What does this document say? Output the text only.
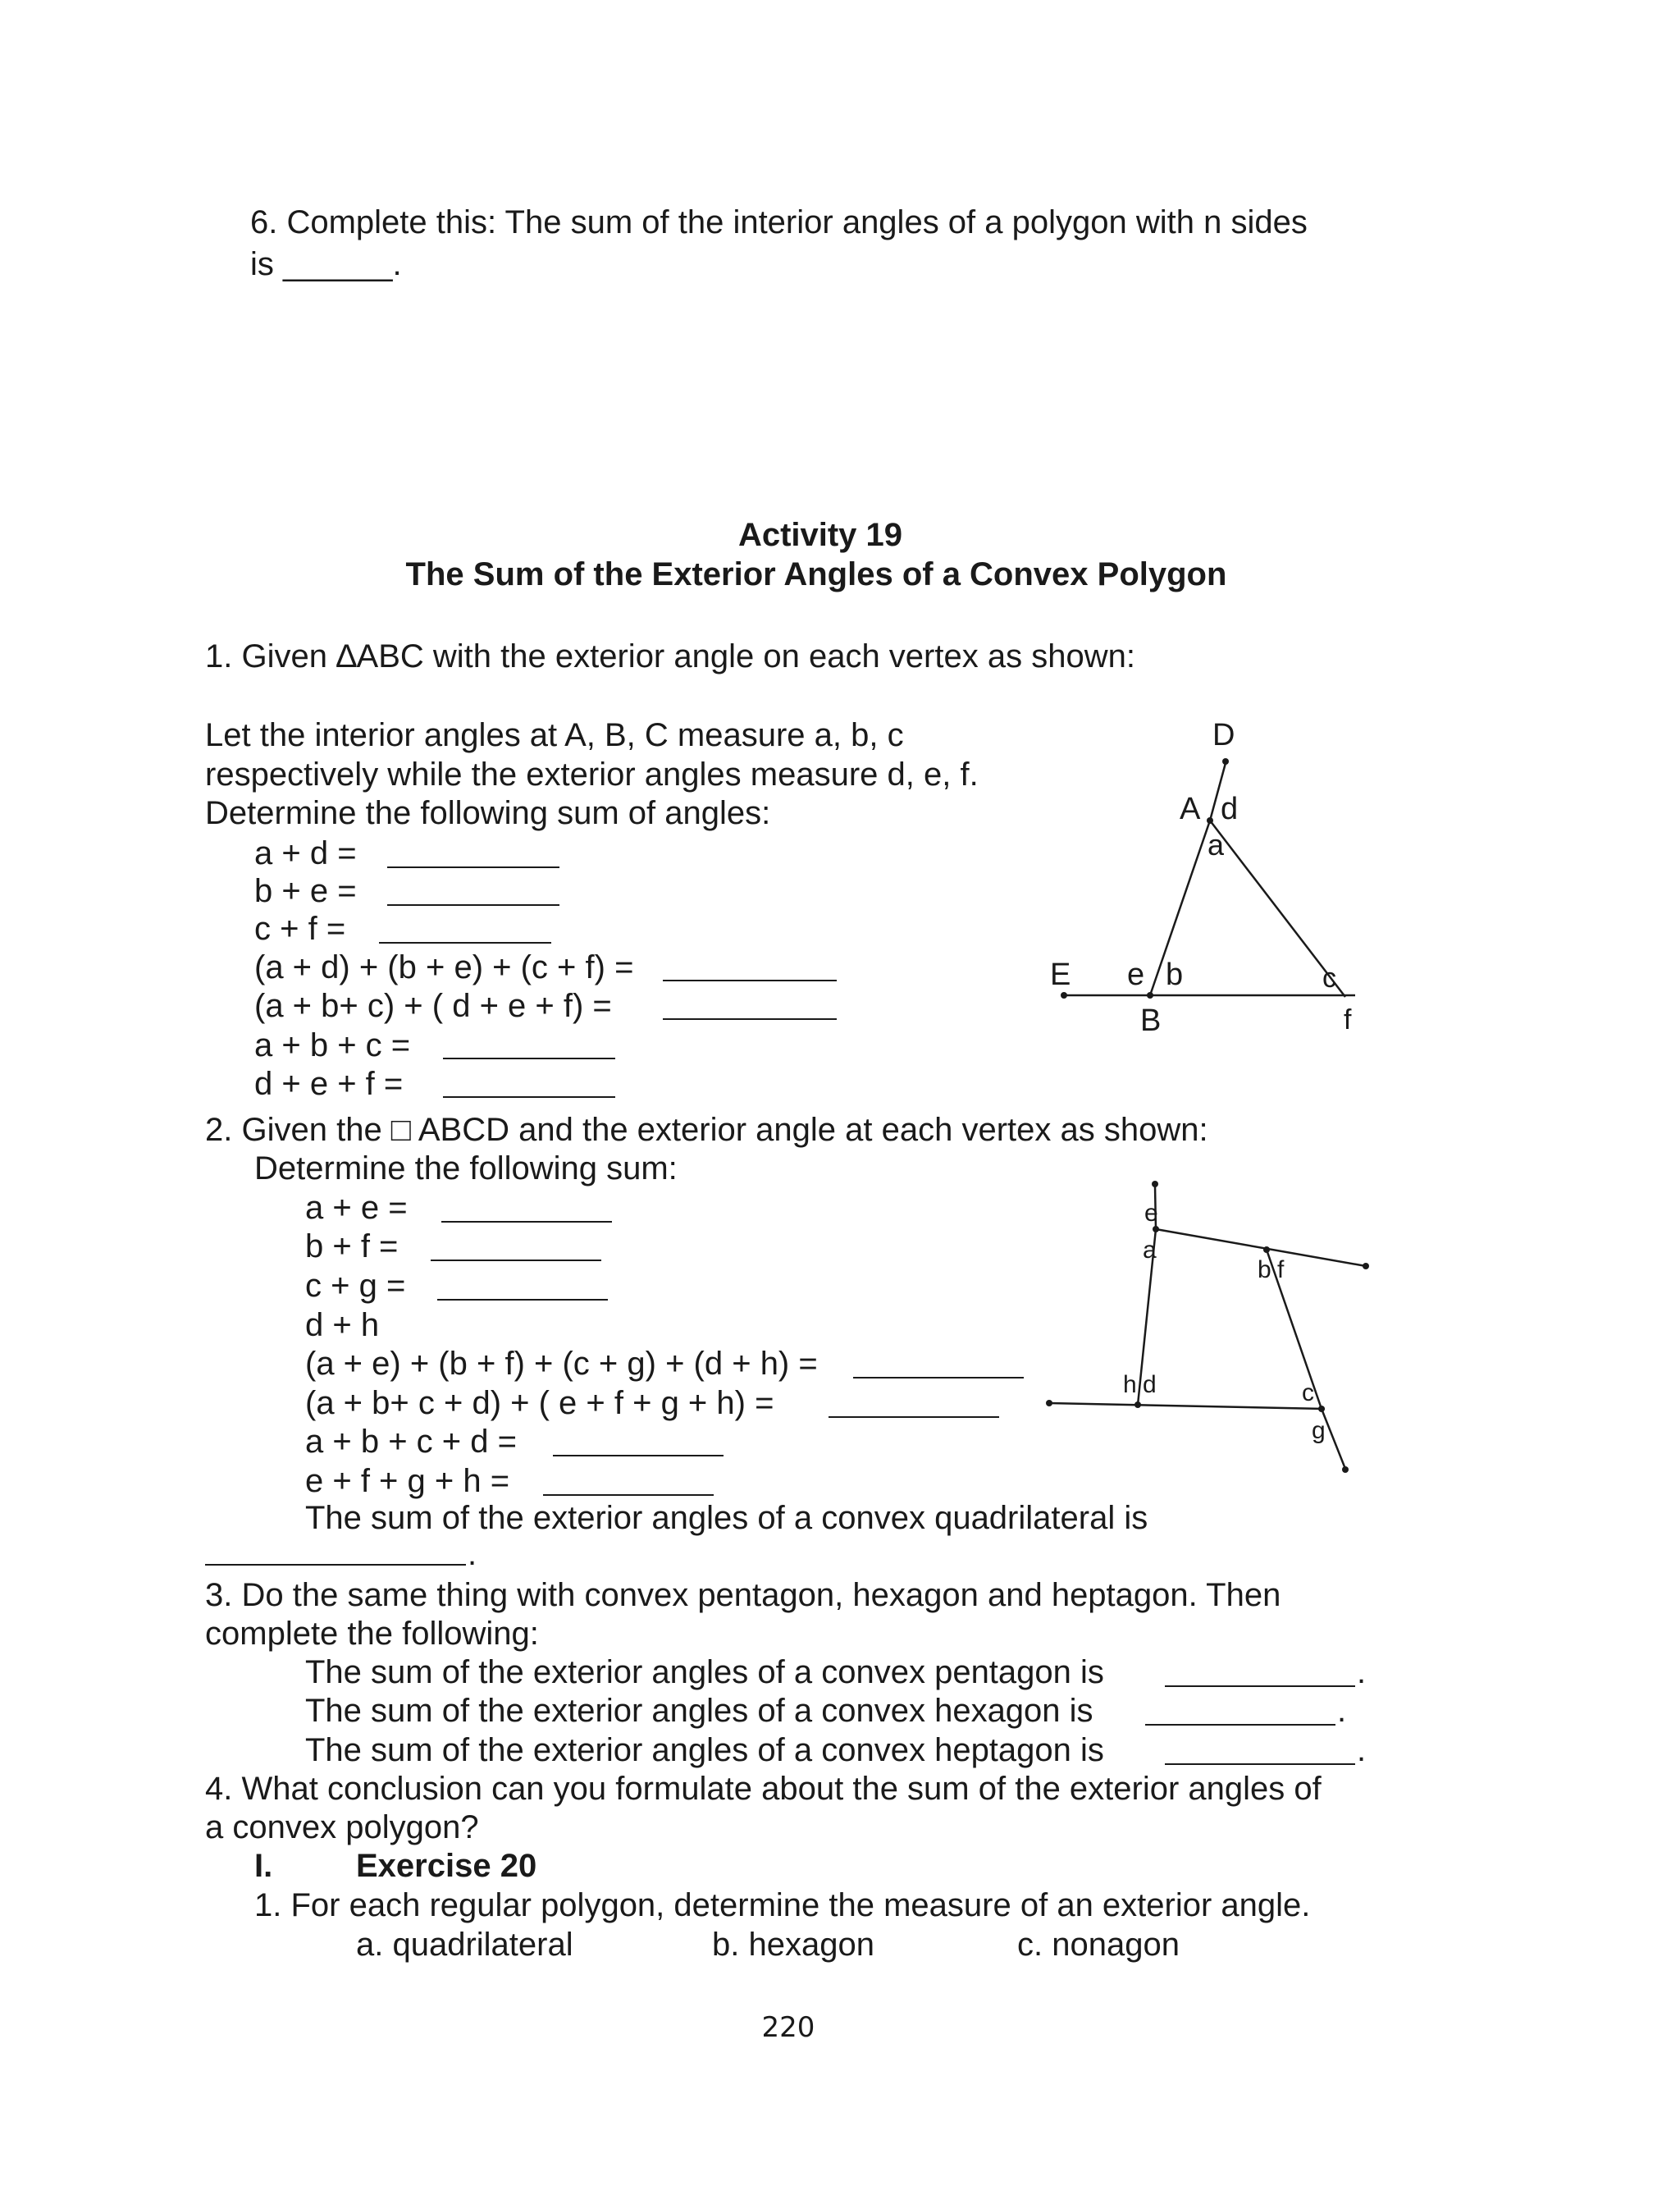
6. Complete this: The sum of the interior angles of a polygon with n sides
is ______.
Activity 19
The Sum of the Exterior Angles of a Convex Polygon
1. Given ∆ABC with the exterior angle on each vertex as shown:
Let the interior angles at A, B, C measure a, b, c
respectively while the exterior angles measure d, e, f.
Determine the following sum of angles:
a + d =
b + e =
c + f =
(a + d) + (b + e) + (c + f) =
(a + b+ c) + ( d + e + f) =
a + b + c =
d + e + f =
D
A d
a
E e b
B
c
f
2. Given the □ ABCD and the exterior angle at each vertex as shown:
Determine the following sum:
a + e =
b + f =
c + g =
d + h
(a + e) + (b + f) + (c + g) + (d + h) =
(a + b+ c + d) + ( e + f + g + h) =
a + b + c + d =
e + f + g + h =
The sum of the exterior angles of a convex quadrilateral is
.
e
a
b f
h d	c
g
3. Do the same thing with convex pentagon, hexagon and heptagon. Then
complete the following:
The sum of the exterior angles of a convex pentagon is	.
The sum of the exterior angles of a convex hexagon is	.
The sum of the exterior angles of a convex heptagon is	.
4. What conclusion can you formulate about the sum of the exterior angles of
a convex polygon?
I.	Exercise 20
1. For each regular polygon, determine the measure of an exterior angle.
a. quadrilateral	b. hexagon	c. nonagon
220
